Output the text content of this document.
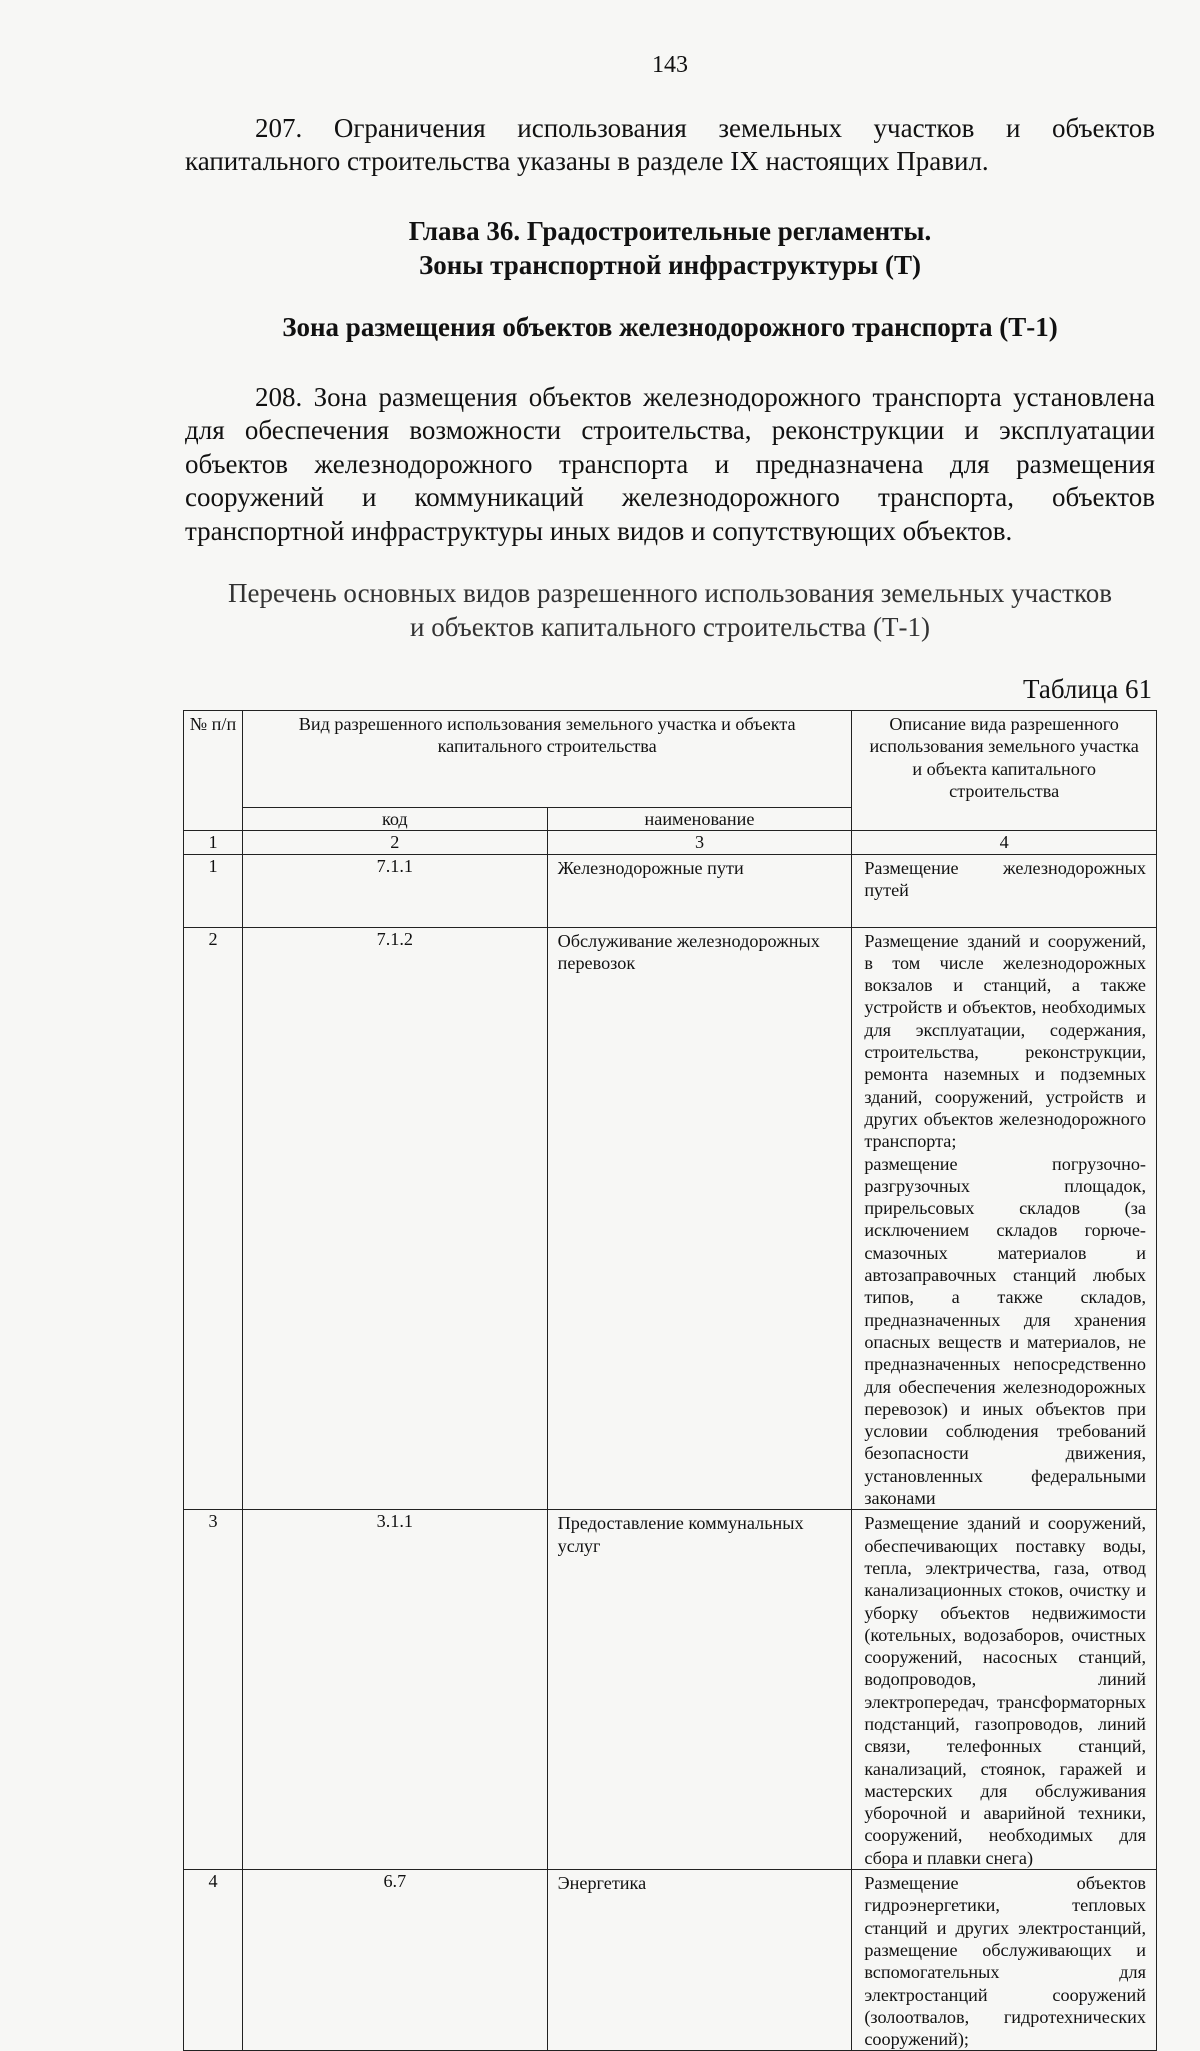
143

207. Ограничения использования земельных участков и объектов капитального строительства указаны в разделе IX настоящих Правил.

Глава 36. Градостроительные регламенты.
Зоны транспортной инфраструктуры (Т)
Зона размещения объектов железнодорожного транспорта (Т-1)

208. Зона размещения объектов железнодорожного транспорта установлена для обеспечения возможности строительства, реконструкции и эксплуатации объектов железнодорожного транспорта и предназначена для размещения сооружений и коммуникаций железнодорожного транспорта, объектов транспортной инфраструктуры иных видов и сопутствующих объектов.

Перечень основных видов разрешенного использования земельных участков
и объектов капитального строительства (Т-1)
Таблица 61
№ п/п	Вид разрешенного использования земельного участка и объекта капитального строительства		Описание вида разрешенного использования земельного участка и объекта капитального строительства
	код	наименование	
1	2	3	4
1	7.1.1	Железнодорожные пути	Размещение железнодорожных путей

2	7.1.2	Обслуживание железнодорожных перевозок	Размещение зданий и сооружений, в том числе железнодорожных вокзалов и станций, а также устройств и объектов, необходимых для эксплуатации, содержания, строительства, реконструкции, ремонта наземных и подземных зданий, сооружений, устройств и других объектов железнодорожного транспорта;
размещение погрузочно-разгрузочных площадок, прирельсовых складов (за исключением складов горюче-смазочных материалов и автозаправочных станций любых типов, а также складов, предназначенных для хранения опасных веществ и материалов, не предназначенных непосредственно для обеспечения железнодорожных перевозок) и иных объектов при условии соблюдения требований безопасности движения, установленных федеральными законами

3	3.1.1	Предоставление коммунальных услуг	Размещение зданий и сооружений, обеспечивающих поставку воды, тепла, электричества, газа, отвод канализационных стоков, очистку и уборку объектов недвижимости (котельных, водозаборов, очистных сооружений, насосных станций, водопроводов, линий электропередач, трансформаторных подстанций, газопроводов, линий связи, телефонных станций, канализаций, стоянок, гаражей и мастерских для обслуживания уборочной и аварийной техники, сооружений, необходимых для сбора и плавки снега)

4	6.7	Энергетика	Размещение объектов гидроэнергетики, тепловых станций и других электростанций, размещение обслуживающих и вспомогательных для электростанций сооружений (золоотвалов, гидротехнических сооружений);
